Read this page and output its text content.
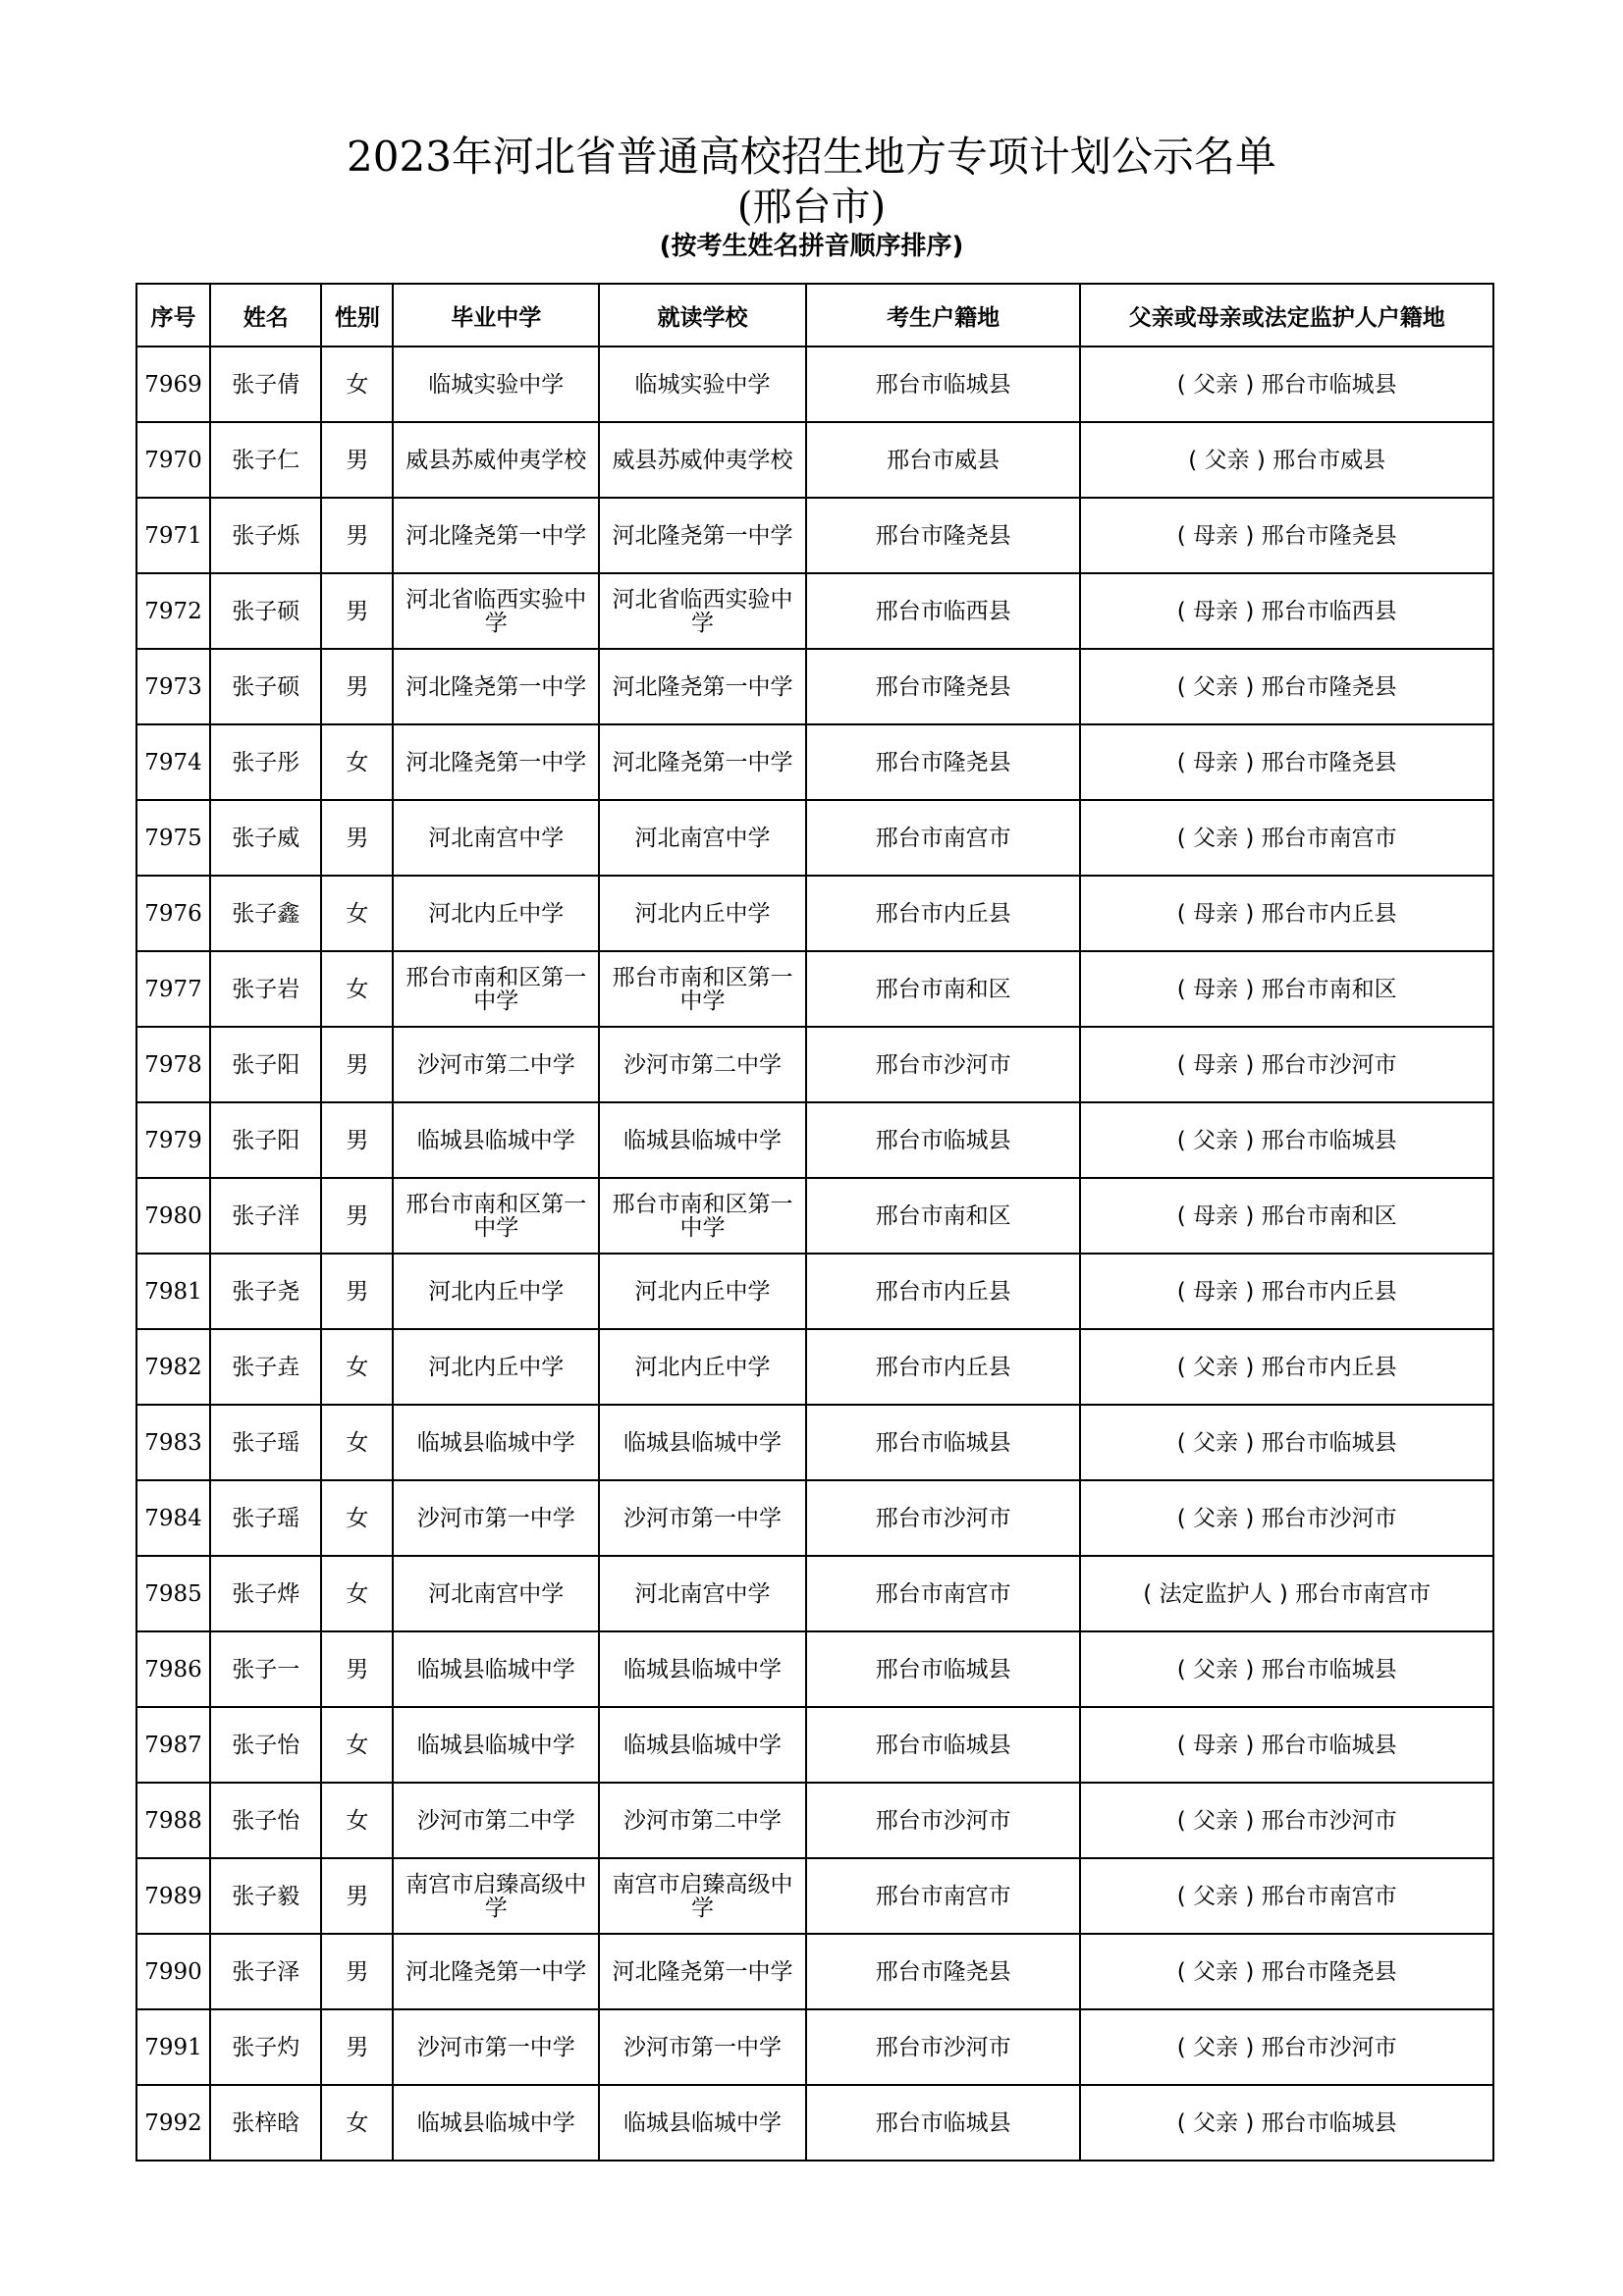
2023年河北省普通高校招生地方专项计划公示名单
(邢台市)
(按考生姓名拼音顺序排序)
序号	姓名	性别	毕业中学	就读学校	考生户籍地	父亲或母亲或法定监护人户籍地
7969	张子倩	女	临城实验中学	临城实验中学	邢台市临城县	( 父亲 ) 邢台市临城县
7970	张子仁	男	威县苏威仲夷学校	威县苏威仲夷学校	邢台市威县	( 父亲 ) 邢台市威县
7971	张子烁	男	河北隆尧第一中学	河北隆尧第一中学	邢台市隆尧县	( 母亲 ) 邢台市隆尧县
7972	张子硕	男	河北省临西实验中学	河北省临西实验中学	邢台市临西县	( 母亲 ) 邢台市临西县
7973	张子硕	男	河北隆尧第一中学	河北隆尧第一中学	邢台市隆尧县	( 父亲 ) 邢台市隆尧县
7974	张子彤	女	河北隆尧第一中学	河北隆尧第一中学	邢台市隆尧县	( 母亲 ) 邢台市隆尧县
7975	张子威	男	河北南宫中学	河北南宫中学	邢台市南宫市	( 父亲 ) 邢台市南宫市
7976	张子鑫	女	河北内丘中学	河北内丘中学	邢台市内丘县	( 母亲 ) 邢台市内丘县
7977	张子岩	女	邢台市南和区第一中学	邢台市南和区第一中学	邢台市南和区	( 母亲 ) 邢台市南和区
7978	张子阳	男	沙河市第二中学	沙河市第二中学	邢台市沙河市	( 母亲 ) 邢台市沙河市
7979	张子阳	男	临城县临城中学	临城县临城中学	邢台市临城县	( 父亲 ) 邢台市临城县
7980	张子洋	男	邢台市南和区第一中学	邢台市南和区第一中学	邢台市南和区	( 母亲 ) 邢台市南和区
7981	张子尧	男	河北内丘中学	河北内丘中学	邢台市内丘县	( 母亲 ) 邢台市内丘县
7982	张子垚	女	河北内丘中学	河北内丘中学	邢台市内丘县	( 父亲 ) 邢台市内丘县
7983	张子瑶	女	临城县临城中学	临城县临城中学	邢台市临城县	( 父亲 ) 邢台市临城县
7984	张子瑶	女	沙河市第一中学	沙河市第一中学	邢台市沙河市	( 父亲 ) 邢台市沙河市
7985	张子烨	女	河北南宫中学	河北南宫中学	邢台市南宫市	( 法定监护人 ) 邢台市南宫市
7986	张子一	男	临城县临城中学	临城县临城中学	邢台市临城县	( 父亲 ) 邢台市临城县
7987	张子怡	女	临城县临城中学	临城县临城中学	邢台市临城县	( 母亲 ) 邢台市临城县
7988	张子怡	女	沙河市第二中学	沙河市第二中学	邢台市沙河市	( 父亲 ) 邢台市沙河市
7989	张子毅	男	南宫市启臻高级中学	南宫市启臻高级中学	邢台市南宫市	( 父亲 ) 邢台市南宫市
7990	张子泽	男	河北隆尧第一中学	河北隆尧第一中学	邢台市隆尧县	( 父亲 ) 邢台市隆尧县
7991	张子灼	男	沙河市第一中学	沙河市第一中学	邢台市沙河市	( 父亲 ) 邢台市沙河市
7992	张梓晗	女	临城县临城中学	临城县临城中学	邢台市临城县	( 父亲 ) 邢台市临城县
